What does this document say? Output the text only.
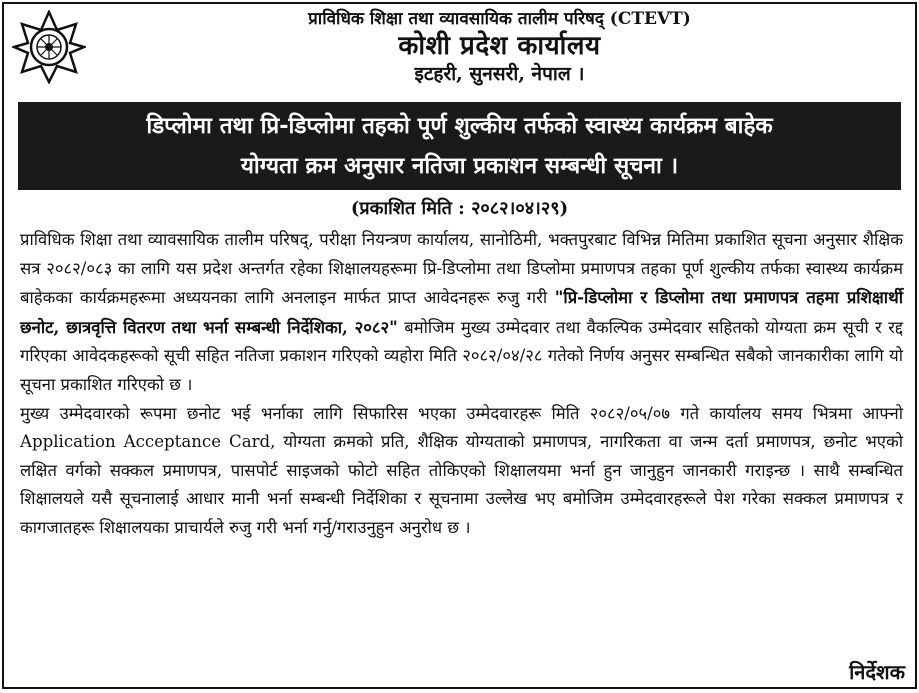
प्राविधिक शिक्षा तथा व्यावसायिक तालीम परिषद् (CTEVT)
कोशी प्रदेश कार्यालय
इटहरी, सुनसरी, नेपाल ।
डिप्लोमा तथा प्रि-डिप्लोमा तहको पूर्ण शुल्कीय तर्फको स्वास्थ्य कार्यक्रम बाहेक
योग्यता क्रम अनुसार नतिजा प्रकाशन सम्बन्धी सूचना ।
(प्रकाशित मिति : २०८२।०४।२९)

प्राविधिक शिक्षा तथा व्यावसायिक तालीम परिषद्, परीक्षा नियन्त्रण कार्यालय, सानोठिमी, भक्तपुरबाट विभिन्न मितिमा प्रकाशित सूचना अनुसार शैक्षिक सत्र २०८२/०८३ का लागि यस प्रदेश अन्तर्गत रहेका शिक्षालयहरूमा प्रि-डिप्लोमा तथा डिप्लोमा प्रमाणपत्र तहका पूर्ण शुल्कीय तर्फका स्वास्थ्य कार्यक्रम बाहेकका कार्यक्रमहरूमा अध्ययनका लागि अनलाइन मार्फत प्राप्त आवेदनहरू रुजु गरी "प्रि-डिप्लोमा र डिप्लोमा तथा प्रमाणपत्र तहमा प्रशिक्षार्थी छनोट, छात्रवृत्ति वितरण तथा भर्ना सम्बन्धी निर्देशिका, २०८२" बमोजिम मुख्य उम्मेदवार तथा वैकल्पिक उम्मेदवार सहितको योग्यता क्रम सूची र रद्द गरिएका आवेदकहरूको सूची सहित नतिजा प्रकाशन गरिएको व्यहोरा मिति २०८२/०४/२८ गतेको निर्णय अनुसर सम्बन्धित सबैको जानकारीका लागि यो सूचना प्रकाशित गरिएको छ ।

मुख्य उम्मेदवारको रूपमा छनोट भई भर्नाका लागि सिफारिस भएका उम्मेदवारहरू मिति २०८२/०५/०७ गते कार्यालय समय भित्रमा आफ्नो Application Acceptance Card, योग्यता क्रमको प्रति, शैक्षिक योग्यताको प्रमाणपत्र, नागरिकता वा जन्म दर्ता प्रमाणपत्र, छनोट भएको लक्षित वर्गको सक्कल प्रमाणपत्र, पासपोर्ट साइजको फोटो सहित तोकिएको शिक्षालयमा भर्ना हुन जानुहुन जानकारी गराइन्छ । साथै सम्बन्धित शिक्षालयले यसै सूचनालाई आधार मानी भर्ना सम्बन्धी निर्देशिका र सूचनामा उल्लेख भए बमोजिम उम्मेदवारहरूले पेश गरेका सक्कल प्रमाणपत्र र कागजातहरू शिक्षालयका प्राचार्यले रुजु गरी भर्ना गर्नु/गराउनुहुन अनुरोध छ ।

निर्देशक
